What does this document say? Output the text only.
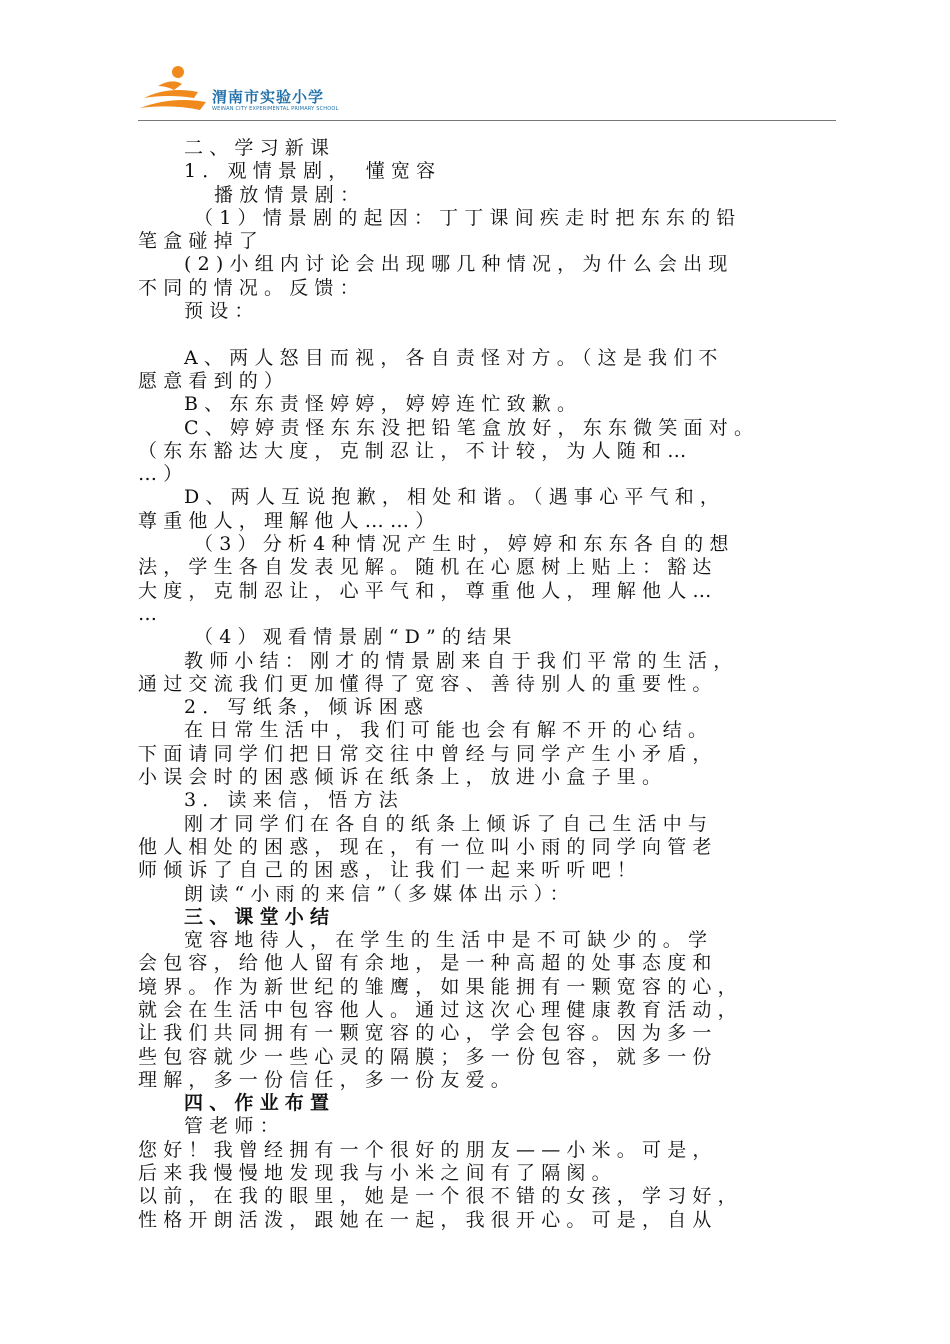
渭南市实验小学
WEINAN CITY EXPERIMENTAL PRIMARY SCHOOL
二、学习新课
1．观情景剧， 懂宽容
播放情景剧：
（1）情景剧的起因：丁丁课间疾走时把东东的铅
笔盒碰掉了
(2)小组内讨论会出现哪几种情况，为什么会出现
不同的情况。反馈：
预设：
A、两人怒目而视，各自责怪对方。（这是我们不
愿意看到的）
B、东东责怪婷婷，婷婷连忙致歉。
C、婷婷责怪东东没把铅笔盒放好，东东微笑面对。
（东东豁达大度，克制忍让，不计较，为人随和…
…）
D、两人互说抱歉，相处和谐。（遇事心平气和，
尊重他人，理解他人……）
（3）分析4种情况产生时，婷婷和东东各自的想
法，学生各自发表见解。随机在心愿树上贴上：豁达
大度，克制忍让，心平气和，尊重他人，理解他人…
…
（4）观看情景剧“D”的结果
教师小结：刚才的情景剧来自于我们平常的生活，
通过交流我们更加懂得了宽容、善待别人的重要性。
2．写纸条，倾诉困惑
在日常生活中，我们可能也会有解不开的心结。
下面请同学们把日常交往中曾经与同学产生小矛盾，
小误会时的困惑倾诉在纸条上，放进小盒子里。
3．读来信，悟方法
刚才同学们在各自的纸条上倾诉了自己生活中与
他人相处的困惑，现在，有一位叫小雨的同学向管老
师倾诉了自己的困惑，让我们一起来听听吧！
朗读“小雨的来信”（多媒体出示）：
三、课堂小结
宽容地待人，在学生的生活中是不可缺少的。学
会包容，给他人留有余地，是一种高超的处事态度和
境界。作为新世纪的雏鹰，如果能拥有一颗宽容的心，
就会在生活中包容他人。通过这次心理健康教育活动，
让我们共同拥有一颗宽容的心，学会包容。因为多一
些包容就少一些心灵的隔膜；多一份包容，就多一份
理解，多一份信任，多一份友爱。
四、作业布置
管老师：
您好！我曾经拥有一个很好的朋友——小米。可是，
后来我慢慢地发现我与小米之间有了隔阂。
以前，在我的眼里，她是一个很不错的女孩，学习好，
性格开朗活泼，跟她在一起，我很开心。可是，自从
